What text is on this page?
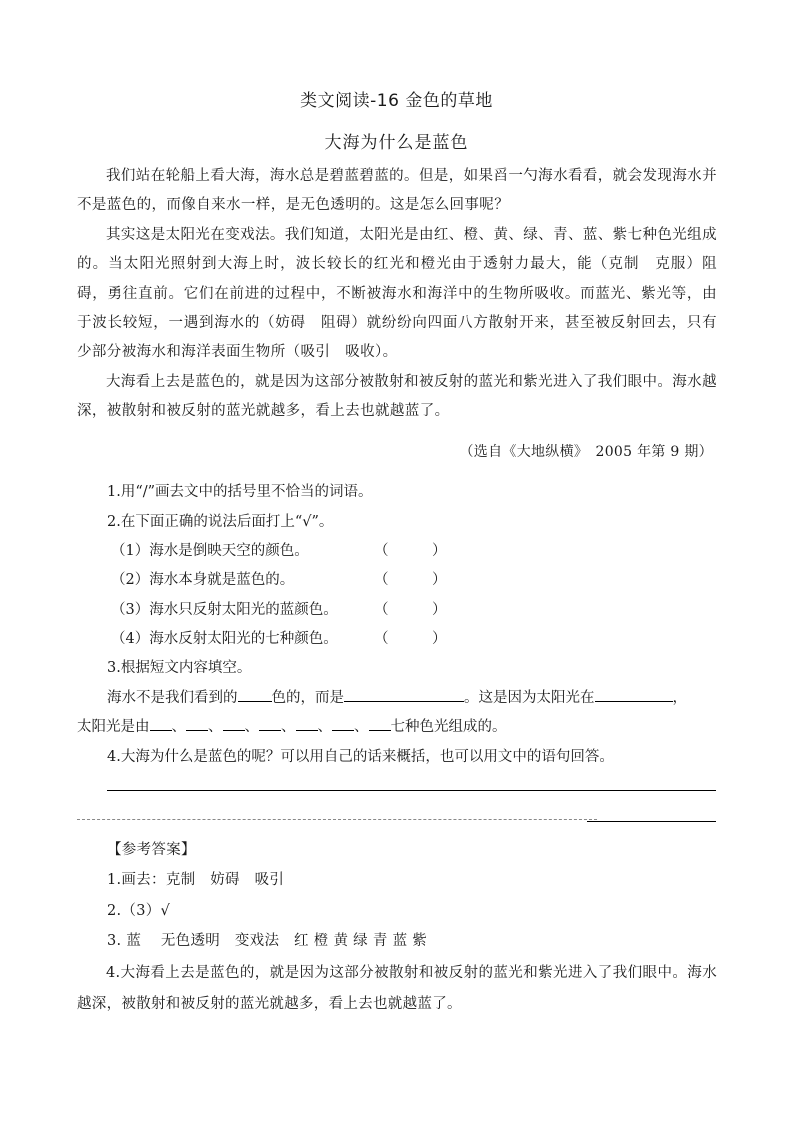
类文阅读-16 金色的草地
大海为什么是蓝色

我们站在轮船上看大海，海水总是碧蓝碧蓝的。但是，如果舀一勺海水看看，就会发现海水并不是蓝色的，而像自来水一样，是无色透明的。这是怎么回事呢？

其实这是太阳光在变戏法。我们知道，太阳光是由红、橙、黄、绿、青、蓝、紫七种色光组成的。当太阳光照射到大海上时，波长较长的红光和橙光由于透射力最大，能（克制　克服）阻碍，勇往直前。它们在前进的过程中，不断被海水和海洋中的生物所吸收。而蓝光、紫光等，由于波长较短，一遇到海水的（妨碍　阻碍）就纷纷向四面八方散射开来，甚至被反射回去，只有少部分被海水和海洋表面生物所（吸引　吸收）。

大海看上去是蓝色的，就是因为这部分被散射和被反射的蓝光和紫光进入了我们眼中。海水越深，被散射和被反射的蓝光就越多，看上去也就越蓝了。

（选自《大地纵横》　2005 年第 9 期）
1.用“/”画去文中的括号里不恰当的词语。
2.在下面正确的说法后面打上“√”。
（1）海水是倒映天空的颜色。	（　　　）
（2）海水本身就是蓝色的。	（　　　）
（3）海水只反射太阳光的蓝颜色。	（　　　）
（4）海水反射太阳光的七种颜色。	（　　　）
3.根据短文内容填空。
海水不是我们看到的 色的，而是	。这是因为太阳光在	，
太阳光是由 、 、 、 、 、 、 七种色光组成的。
4.大海为什么是蓝色的呢？可以用自己的话来概括，也可以用文中的语句回答。
【参考答案】
1.画去：克制　妨碍　吸引
2.（3）√
3. 蓝　 无色透明　变戏法　红 橙 黄 绿 青 蓝 紫

4.大海看上去是蓝色的，就是因为这部分被散射和被反射的蓝光和紫光进入了我们眼中。海水越深，被散射和被反射的蓝光就越多，看上去也就越蓝了。
